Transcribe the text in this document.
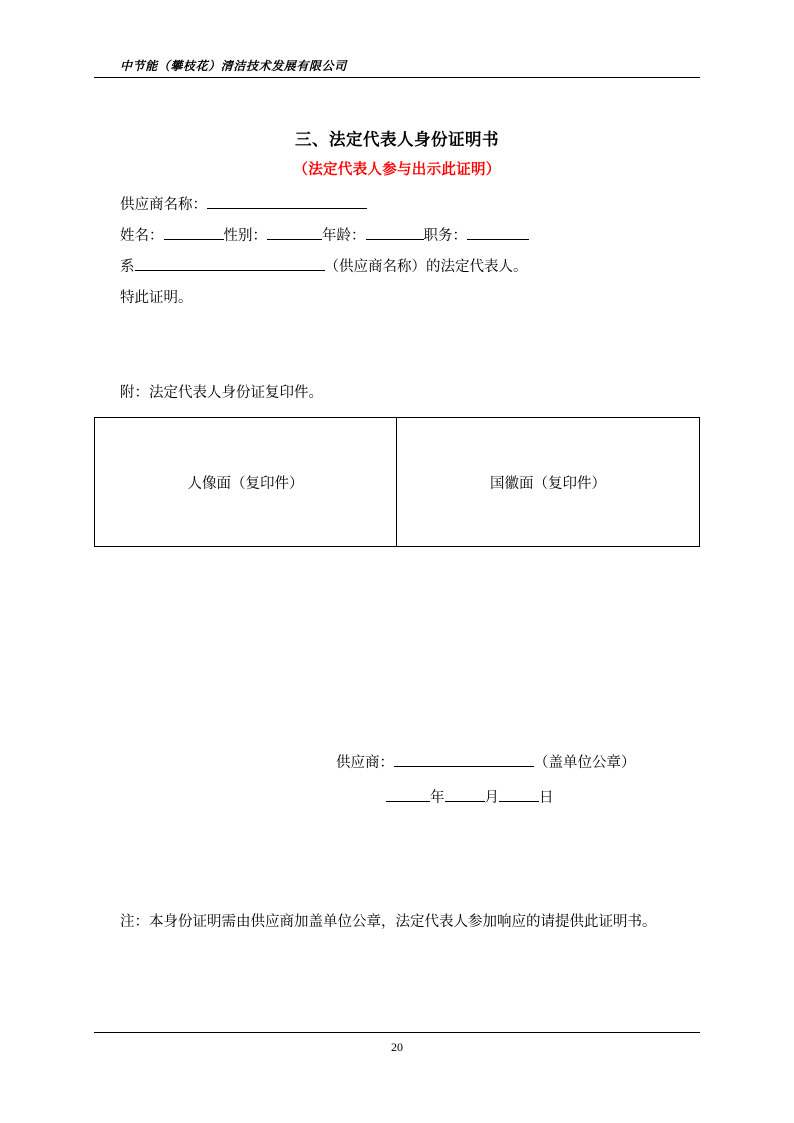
中节能（攀枝花）清洁技术发展有限公司
三、法定代表人身份证明书
（法定代表人参与出示此证明）
供应商名称：
姓名：	性别：	年龄：	职务：
系	（供应商名称）的法定代表人。
特此证明。
附：法定代表人身份证复印件。
人像面（复印件）	国徽面（复印件）
供应商：	（盖单位公章）
年	月	日
注：本身份证明需由供应商加盖单位公章，法定代表人参加响应的请提供此证明书。
20
